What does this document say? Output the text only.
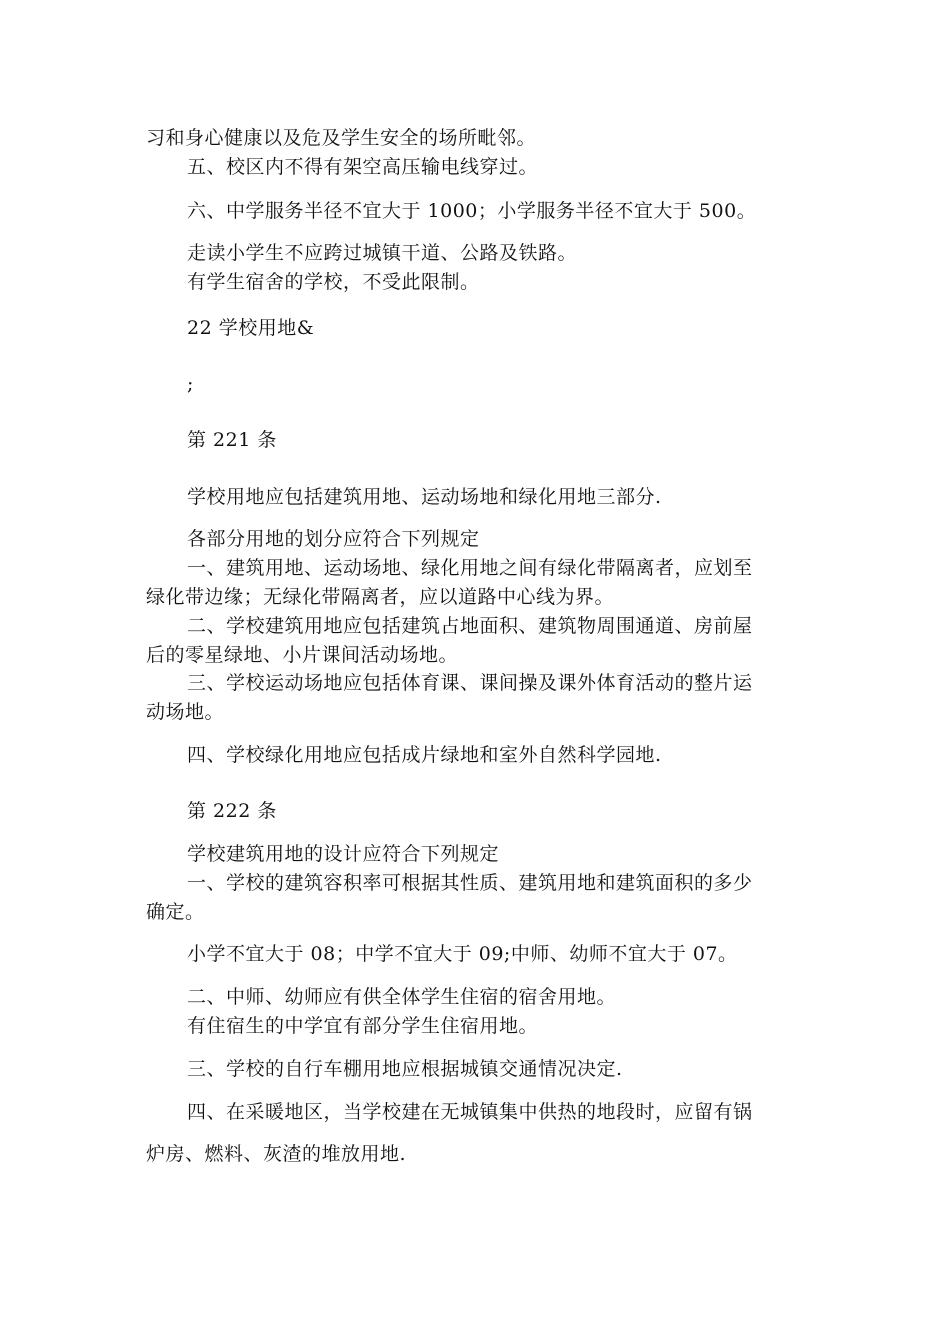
习和身心健康以及危及学生安全的场所毗邻。
五、校区内不得有架空高压输电线穿过。
六、中学服务半径不宜大于 1000；小学服务半径不宜大于 500。
走读小学生不应跨过城镇干道、公路及铁路。
有学生宿舍的学校，不受此限制。
22 学校用地&
;
第 221 条
学校用地应包括建筑用地、运动场地和绿化用地三部分.
各部分用地的划分应符合下列规定
一、建筑用地、运动场地、绿化用地之间有绿化带隔离者，应划至
绿化带边缘；无绿化带隔离者，应以道路中心线为界。
二、学校建筑用地应包括建筑占地面积、建筑物周围通道、房前屋
后的零星绿地、小片课间活动场地。
三、学校运动场地应包括体育课、课间操及课外体育活动的整片运
动场地。
四、学校绿化用地应包括成片绿地和室外自然科学园地.
第 222 条
学校建筑用地的设计应符合下列规定
一、学校的建筑容积率可根据其性质、建筑用地和建筑面积的多少
确定。
小学不宜大于 08；中学不宜大于 09;中师、幼师不宜大于 07。
二、中师、幼师应有供全体学生住宿的宿舍用地。
有住宿生的中学宜有部分学生住宿用地。
三、学校的自行车棚用地应根据城镇交通情况决定.
四、在采暖地区，当学校建在无城镇集中供热的地段时，应留有锅
炉房、燃料、灰渣的堆放用地.
